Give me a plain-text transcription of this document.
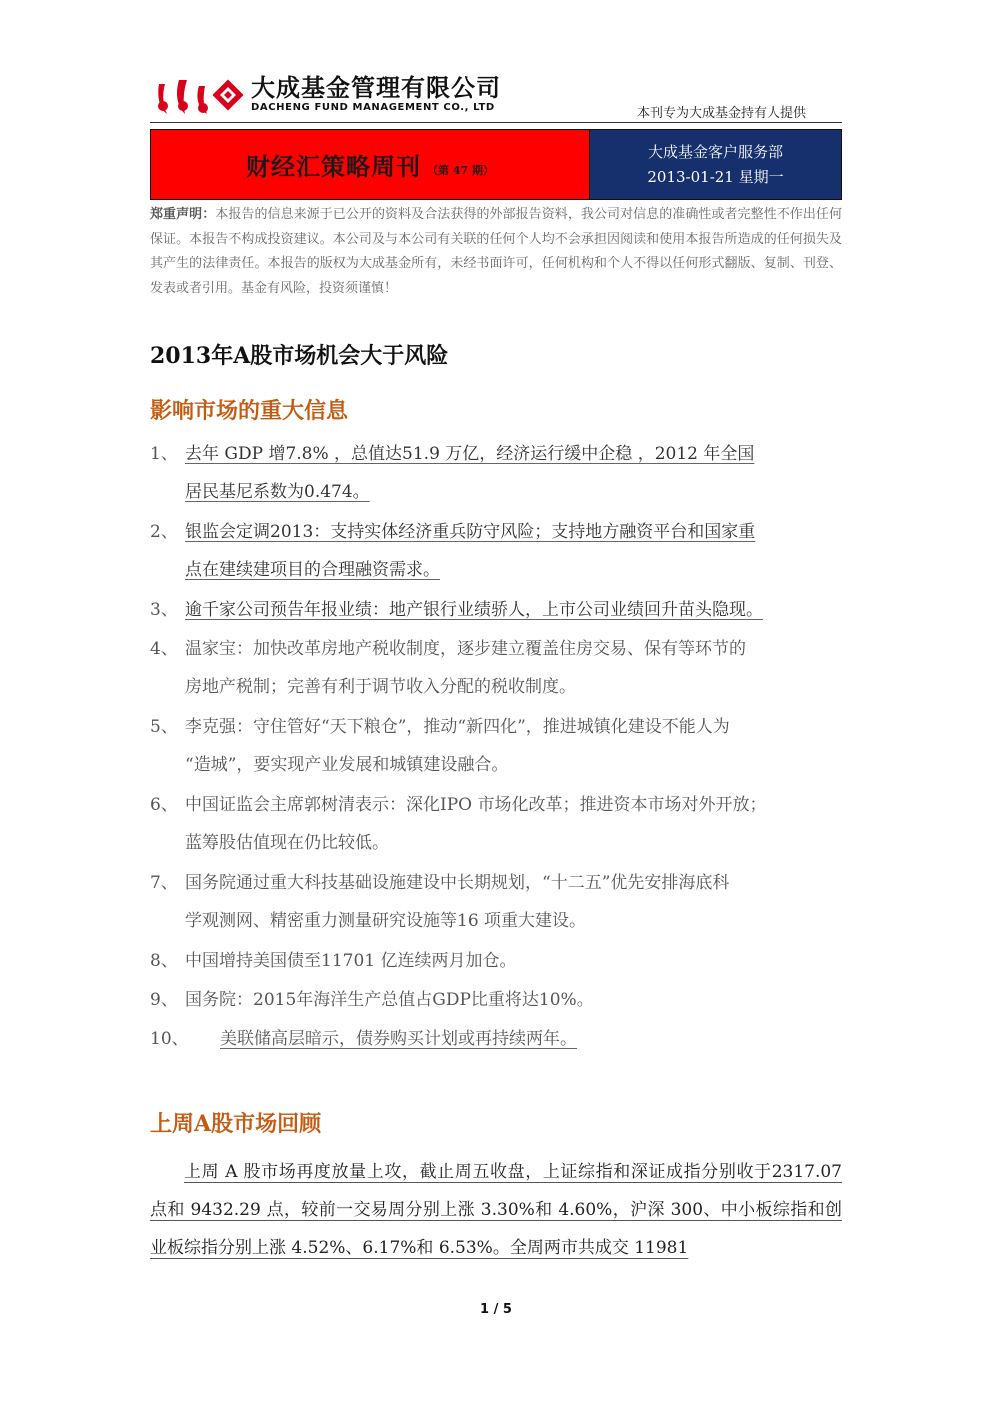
大成基金管理有限公司
DACHENG FUND MANAGEMENT CO., LTD	本刊专为大成基金持有人提供
财经汇策略周刊 （第 47 期）
大成基金客户服务部
2013-01-21 星期一
郑重声明：本报告的信息来源于已公开的资料及合法获得的外部报告资料，我公司对信息的准确性或者完整性不作出任何保证。本报告不构成投资建议。本公司及与本公司有关联的任何个人均不会承担因阅读和使用本报告所造成的任何损失及其产生的法律责任。本报告的版权为大成基金所有，未经书面许可，任何机构和个人不得以任何形式翻版、复制、刊登、发表或者引用。基金有风险，投资须谨慎！
2013年A股市场机会大于风险
影响市场的重大信息
1、 去年 GDP 增7.8% ，总值达51.9 万亿，经济运行缓中企稳 ，2012 年全国
居民基尼系数为0.474。
2、 银监会定调2013：支持实体经济重兵防守风险；支持地方融资平台和国家重
点在建续建项目的合理融资需求。
3、 逾千家公司预告年报业绩：地产银行业绩骄人，上市公司业绩回升苗头隐现。
4、 温家宝：加快改革房地产税收制度，逐步建立覆盖住房交易、保有等环节的
房地产税制；完善有利于调节收入分配的税收制度。
5、 李克强：守住管好“天下粮仓”，推动“新四化”，推进城镇化建设不能人为
“造城”，要实现产业发展和城镇建设融合。
6、 中国证监会主席郭树清表示：深化IPO 市场化改革；推进资本市场对外开放；
蓝筹股估值现在仍比较低。
7、 国务院通过重大科技基础设施建设中长期规划，“十二五”优先安排海底科
学观测网、精密重力测量研究设施等16 项重大建设。
8、 中国增持美国债至11701 亿连续两月加仓。
9、 国务院：2015年海洋生产总值占GDP比重将达10%。
10、 美联储高层暗示，债券购买计划或再持续两年。
上周A股市场回顾

上周 A 股市场再度放量上攻，截止周五收盘，上证综指和深证成指分别收于2317.07 点和 9432.29 点，较前一交易周分别上涨 3.30%和 4.60%，沪深 300、中小板综指和创业板综指分别上涨 4.52%、6.17%和 6.53%。全周两市共成交 11981

1 / 5
